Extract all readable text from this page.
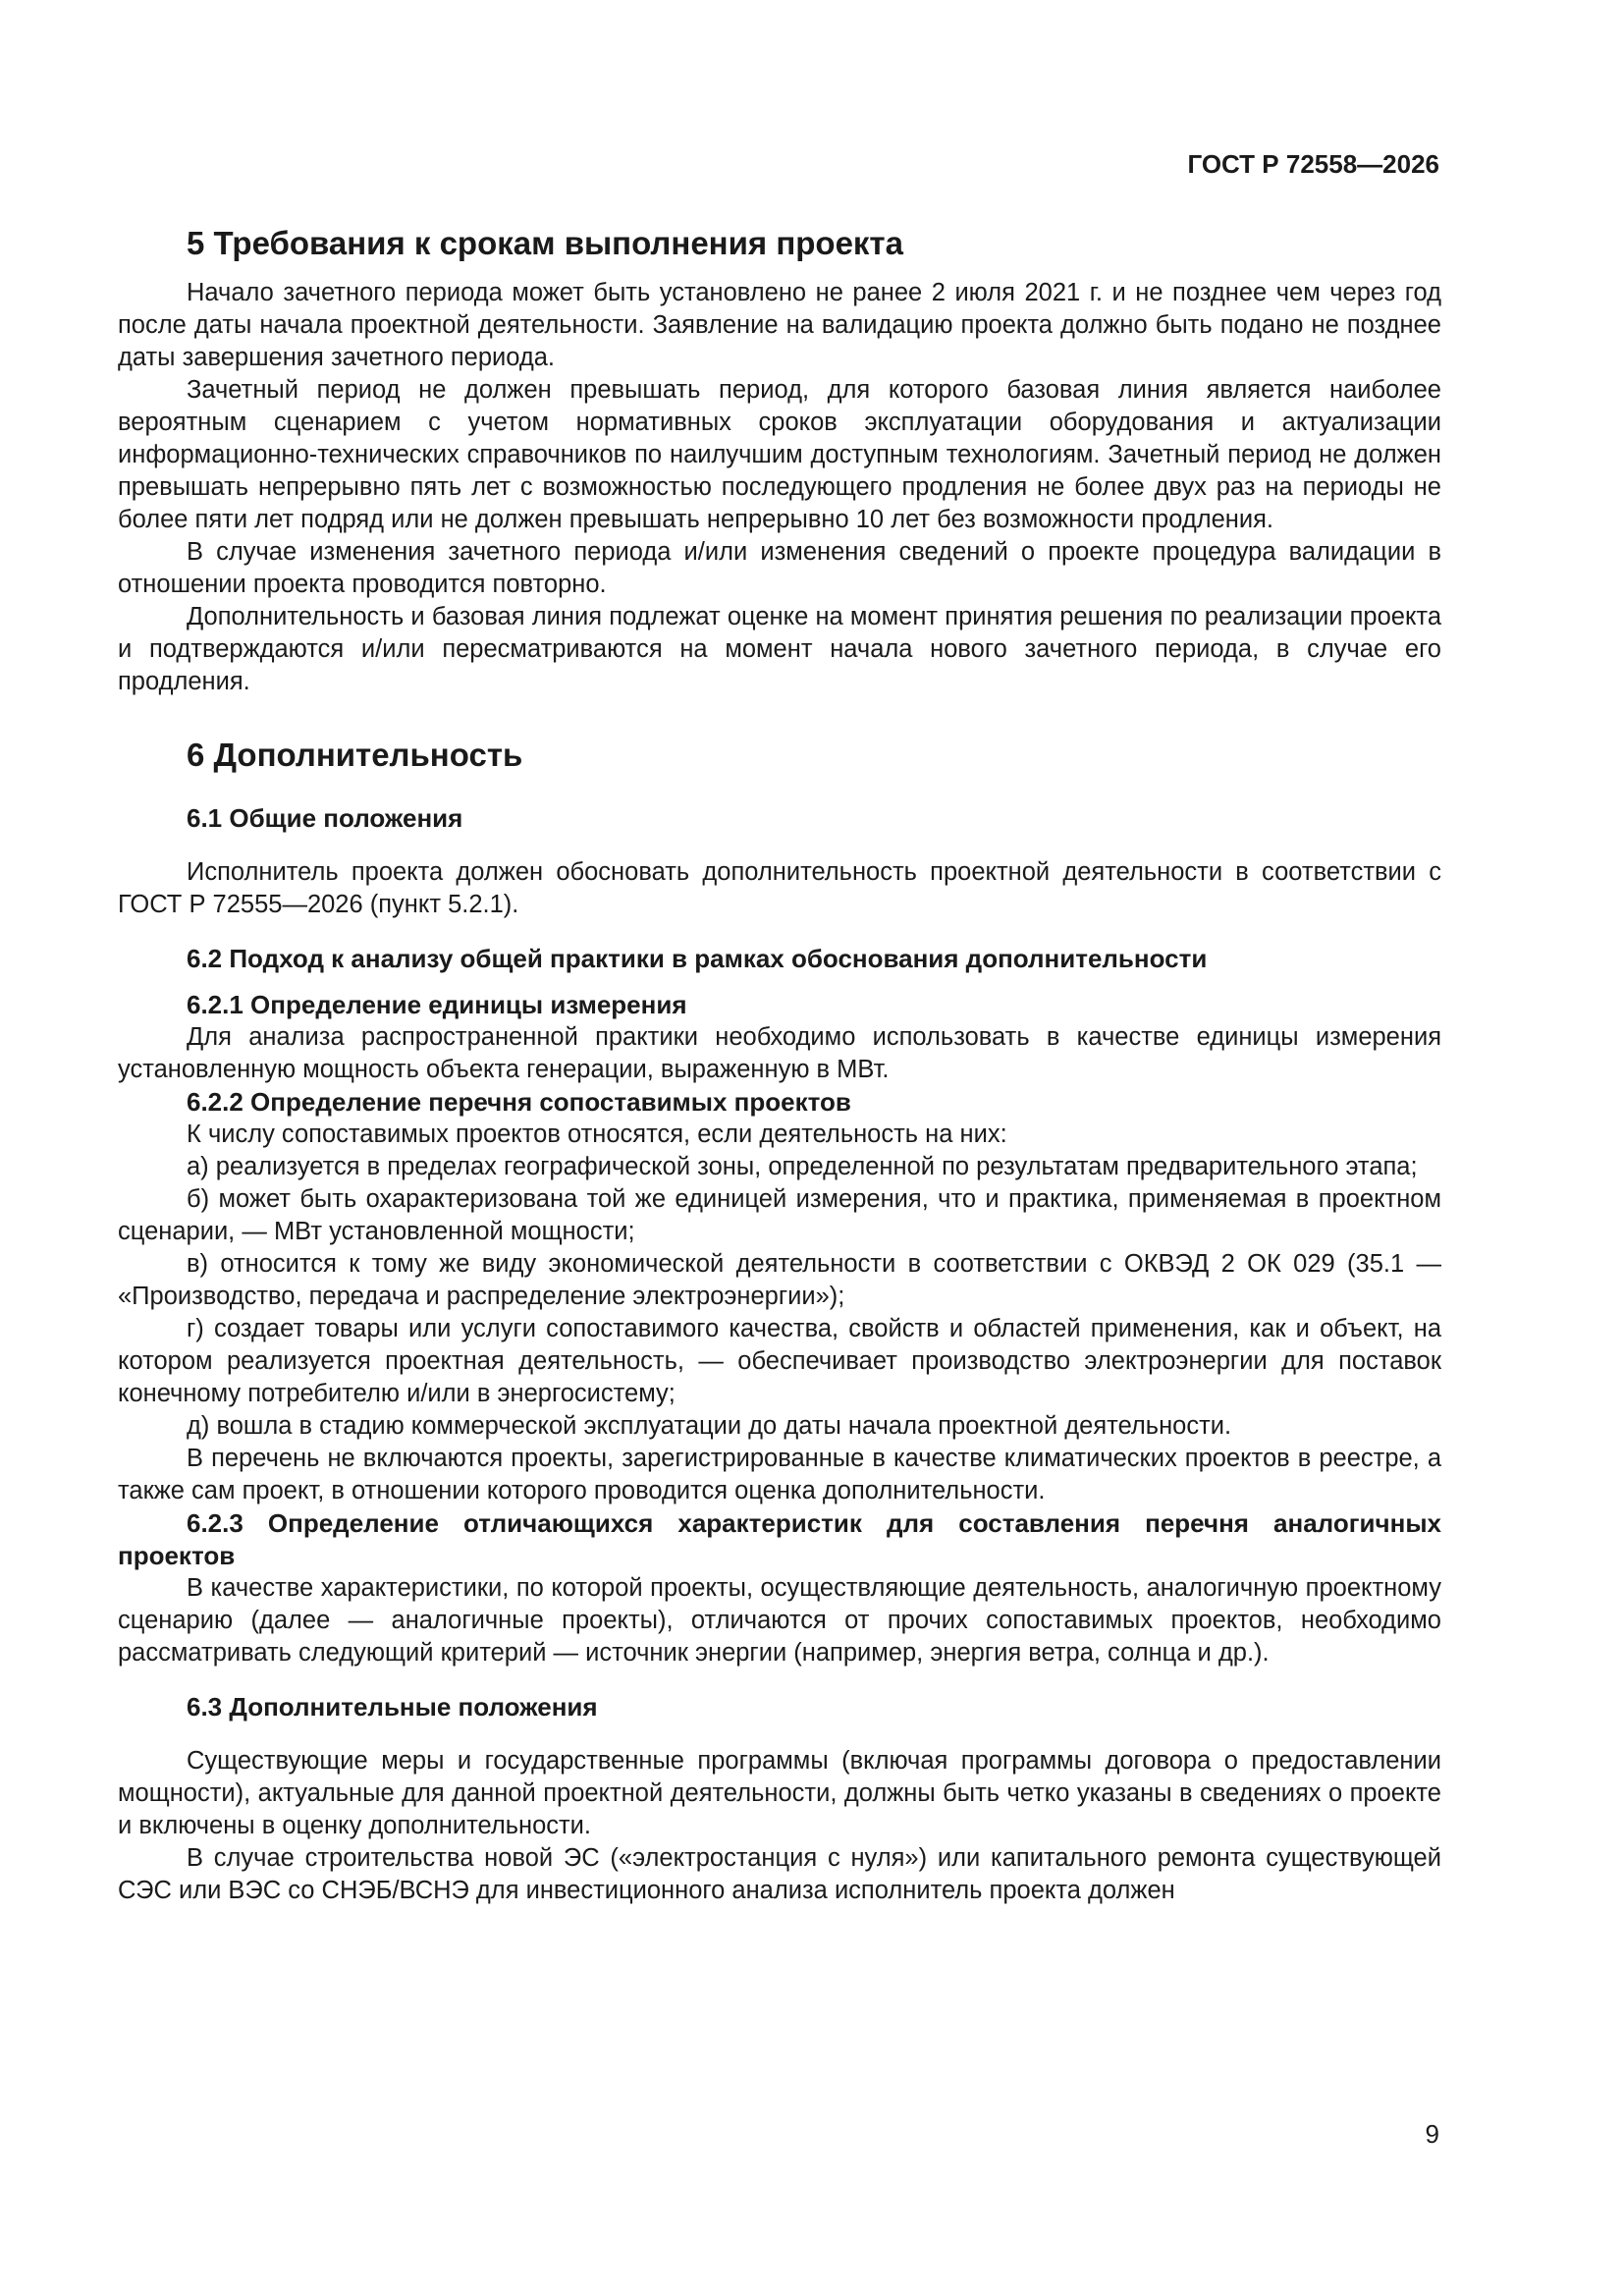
ГОСТ Р 72558—2026
5 Требования к срокам выполнения проекта
Начало зачетного периода может быть установлено не ранее 2 июля 2021 г. и не позднее чем через год после даты начала проектной деятельности. Заявление на валидацию проекта должно быть подано не позднее даты завершения зачетного периода.
Зачетный период не должен превышать период, для которого базовая линия является наиболее вероятным сценарием с учетом нормативных сроков эксплуатации оборудования и актуализации информационно-технических справочников по наилучшим доступным технологиям. Зачетный период не должен превышать непрерывно пять лет с возможностью последующего продления не более двух раз на периоды не более пяти лет подряд или не должен превышать непрерывно 10 лет без возможности продления.
В случае изменения зачетного периода и/или изменения сведений о проекте процедура валидации в отношении проекта проводится повторно.
Дополнительность и базовая линия подлежат оценке на момент принятия решения по реализации проекта и подтверждаются и/или пересматриваются на момент начала нового зачетного периода, в случае его продления.
6 Дополнительность
6.1 Общие положения
Исполнитель проекта должен обосновать дополнительность проектной деятельности в соответствии с ГОСТ Р 72555—2026 (пункт 5.2.1).
6.2 Подход к анализу общей практики в рамках обоснования дополнительности
6.2.1 Определение единицы измерения
Для анализа распространенной практики необходимо использовать в качестве единицы измерения установленную мощность объекта генерации, выраженную в МВт.
6.2.2 Определение перечня сопоставимых проектов
К числу сопоставимых проектов относятся, если деятельность на них:
а) реализуется в пределах географической зоны, определенной по результатам предварительного этапа;
б) может быть охарактеризована той же единицей измерения, что и практика, применяемая в проектном сценарии, — МВт установленной мощности;
в) относится к тому же виду экономической деятельности в соответствии с ОКВЭД 2 ОК 029 (35.1 — «Производство, передача и распределение электроэнергии»);
г) создает товары или услуги сопоставимого качества, свойств и областей применения, как и объект, на котором реализуется проектная деятельность, — обеспечивает производство электроэнергии для поставок конечному потребителю и/или в энергосистему;
д) вошла в стадию коммерческой эксплуатации до даты начала проектной деятельности.
В перечень не включаются проекты, зарегистрированные в качестве климатических проектов в реестре, а также сам проект, в отношении которого проводится оценка дополнительности.
6.2.3 Определение отличающихся характеристик для составления перечня аналогичных проектов
В качестве характеристики, по которой проекты, осуществляющие деятельность, аналогичную проектному сценарию (далее — аналогичные проекты), отличаются от прочих сопоставимых проектов, необходимо рассматривать следующий критерий — источник энергии (например, энергия ветра, солнца и др.).
6.3 Дополнительные положения
Существующие меры и государственные программы (включая программы договора о предоставлении мощности), актуальные для данной проектной деятельности, должны быть четко указаны в сведениях о проекте и включены в оценку дополнительности.
В случае строительства новой ЭС («электростанция с нуля») или капитального ремонта существующей СЭС или ВЭС со СНЭБ/ВСНЭ для инвестиционного анализа исполнитель проекта должен
9
